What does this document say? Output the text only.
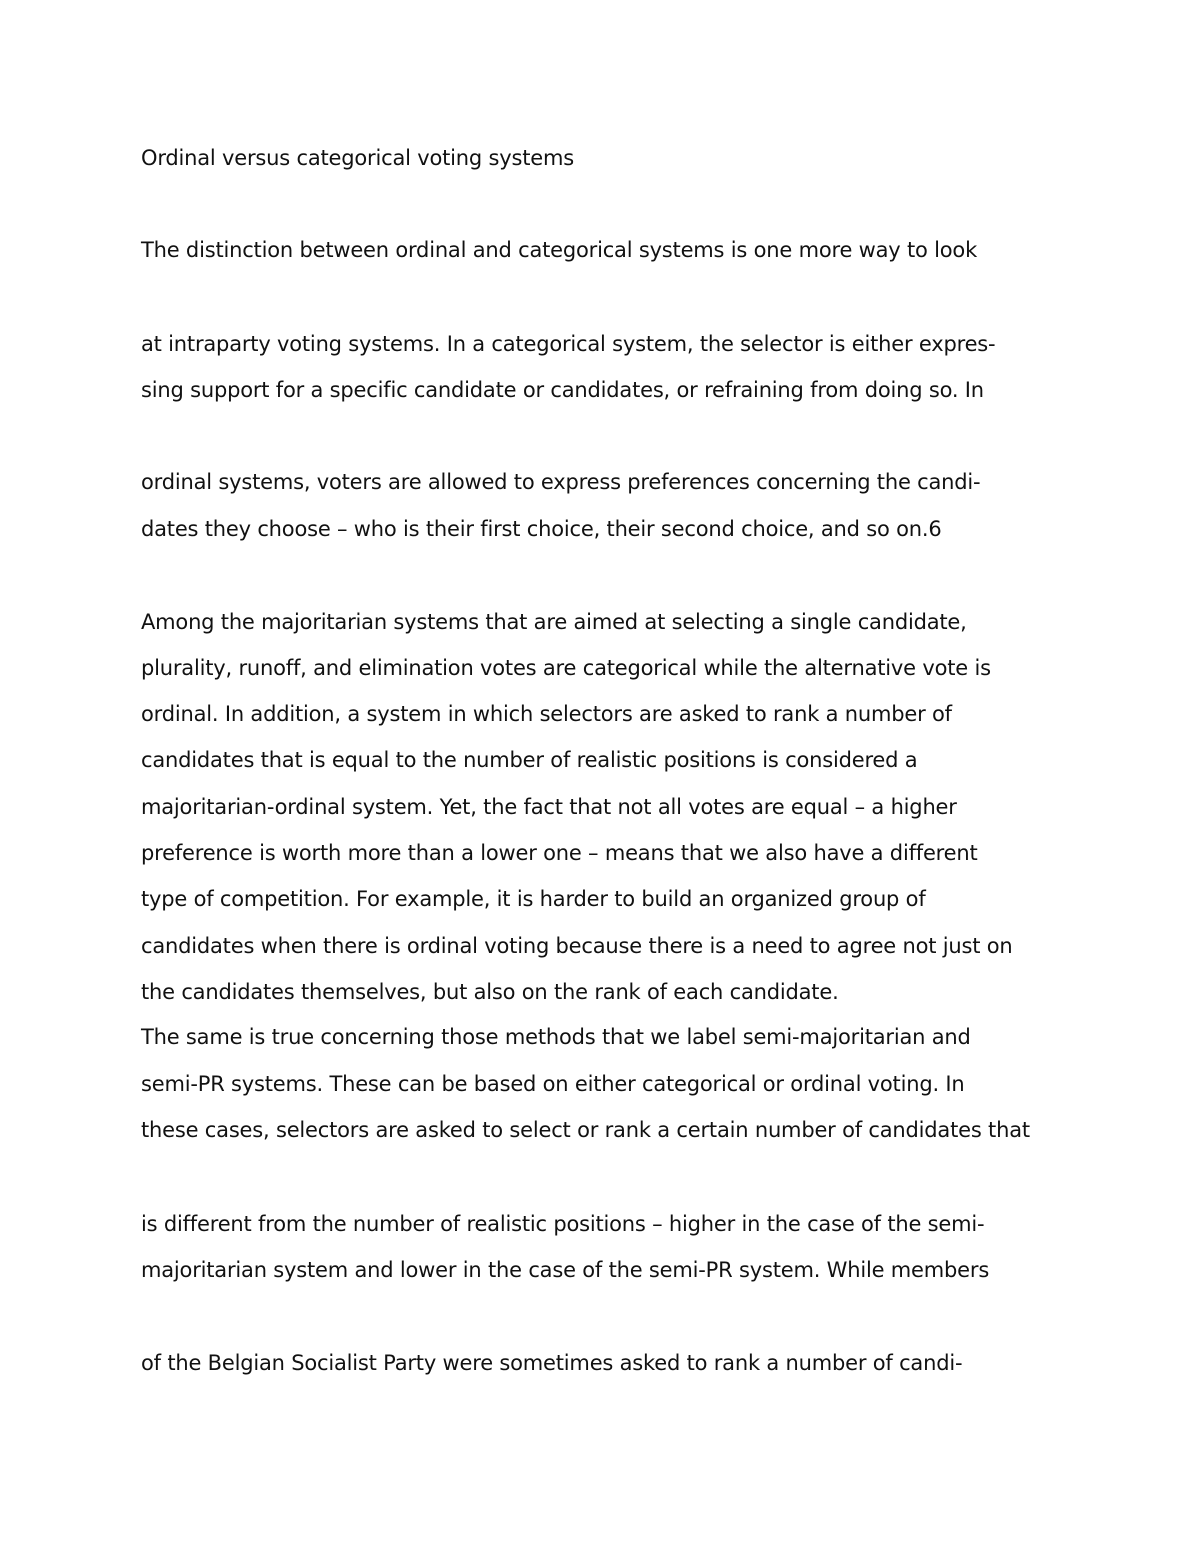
Ordinal versus categorical voting systems

The distinction between ordinal and categorical systems is one more way to look

at intraparty voting systems. In a categorical system, the selector is either expres-

sing support for a specific candidate or candidates, or refraining from doing so. In

ordinal systems, voters are allowed to express preferences concerning the candi-

dates they choose – who is their first choice, their second choice, and so on.6

Among the majoritarian systems that are aimed at selecting a single candidate,

plurality, runoff, and elimination votes are categorical while the alternative vote is

ordinal. In addition, a system in which selectors are asked to rank a number of

candidates that is equal to the number of realistic positions is considered a

majoritarian-ordinal system. Yet, the fact that not all votes are equal – a higher

preference is worth more than a lower one – means that we also have a different

type of competition. For example, it is harder to build an organized group of

candidates when there is ordinal voting because there is a need to agree not just on

the candidates themselves, but also on the rank of each candidate.

The same is true concerning those methods that we label semi-majoritarian and

semi-PR systems. These can be based on either categorical or ordinal voting. In

these cases, selectors are asked to select or rank a certain number of candidates that

is different from the number of realistic positions – higher in the case of the semi-

majoritarian system and lower in the case of the semi-PR system. While members

of the Belgian Socialist Party were sometimes asked to rank a number of candi-
